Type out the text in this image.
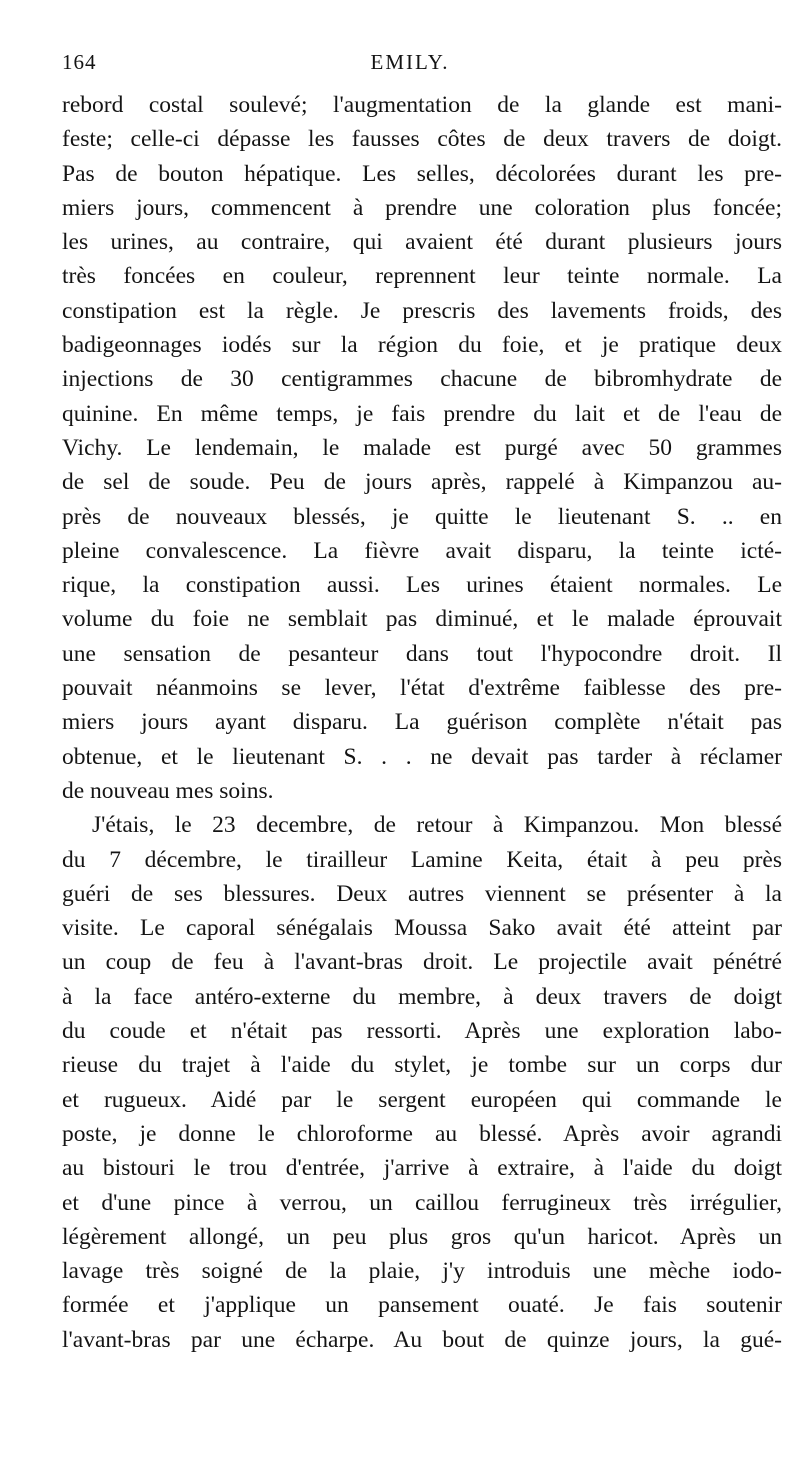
164	EMILY.
rebord costal soulevé; l'augmentation de la glande est mani-
feste; celle-ci dépasse les fausses côtes de deux travers de doigt.
Pas de bouton hépatique. Les selles, décolorées durant les pre-
miers jours, commencent à prendre une coloration plus foncée;
les urines, au contraire, qui avaient été durant plusieurs jours
très foncées en couleur, reprennent leur teinte normale. La
constipation est la règle. Je prescris des lavements froids, des
badigeonnages iodés sur la région du foie, et je pratique deux
injections de 30 centigrammes chacune de bibromhydrate de
quinine. En même temps, je fais prendre du lait et de l'eau de
Vichy. Le lendemain, le malade est purgé avec 50 grammes
de sel de soude. Peu de jours après, rappelé à Kimpanzou au-
près de nouveaux blessés, je quitte le lieutenant S. .. en
pleine convalescence. La fièvre avait disparu, la teinte icté-
rique, la constipation aussi. Les urines étaient normales. Le
volume du foie ne semblait pas diminué, et le malade éprouvait
une sensation de pesanteur dans tout l'hypocondre droit. Il
pouvait néanmoins se lever, l'état d'extrême faiblesse des pre-
miers jours ayant disparu. La guérison complète n'était pas
obtenue, et le lieutenant S. . . ne devait pas tarder à réclamer
de nouveau mes soins.
J'étais, le 23 decembre, de retour à Kimpanzou. Mon blessé
du 7 décembre, le tirailleur Lamine Keita, était à peu près
guéri de ses blessures. Deux autres viennent se présenter à la
visite. Le caporal sénégalais Moussa Sako avait été atteint par
un coup de feu à l'avant-bras droit. Le projectile avait pénétré
à la face antéro-externe du membre, à deux travers de doigt
du coude et n'était pas ressorti. Après une exploration labo-
rieuse du trajet à l'aide du stylet, je tombe sur un corps dur
et rugueux. Aidé par le sergent européen qui commande le
poste, je donne le chloroforme au blessé. Après avoir agrandi
au bistouri le trou d'entrée, j'arrive à extraire, à l'aide du doigt
et d'une pince à verrou, un caillou ferrugineux très irrégulier,
légèrement allongé, un peu plus gros qu'un haricot. Après un
lavage très soigné de la plaie, j'y introduis une mèche iodo-
formée et j'applique un pansement ouaté. Je fais soutenir
l'avant-bras par une écharpe. Au bout de quinze jours, la gué-
